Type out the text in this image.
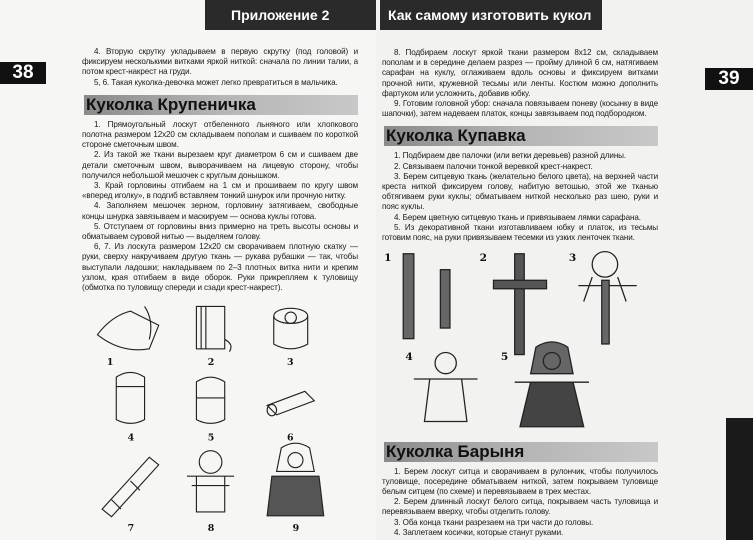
Приложение 2
38

4. Вторую скрутку укладываем в первую скрутку (под головой) и фиксируем несколькими витками яркой ниткой: сначала по линии талии, а потом крест-накрест на груди.

5, 6. Такая куколка-девочка может легко превратиться в мальчика.

Куколка Крупеничка

1. Прямоугольный лоскут отбеленного льняного или хлопкового полотна размером 12x20 см складываем пополам и сшиваем по короткой стороне сметочным швом.

2. Из такой же ткани вырезаем круг диаметром 6 см и сшиваем две детали сметочным швом, выворачиваем на лицевую сторону, чтобы получился небольшой мешочек с круглым донышком.

3. Край горловины отгибаем на 1 см и прошиваем по кругу швом «вперед иголку», в подгиб вставляем тонкий шнурок или прочную нитку.

4. Заполняем мешочек зерном, горловину затягиваем, свободные концы шнурка завязываем и маскируем — основа куклы готова.

5. Отступаем от горловины вниз примерно на треть высоты основы и обматываем суровой нитью — выделяем голову.

6, 7. Из лоскута размером 12x20 см сворачиваем плотную скатку — руки, сверху накручиваем другую ткань — рукава рубашки — так, чтобы выступали ладошки; накладываем по 2–3 плотных витка нити и крепим узлом, края отгибаем в виде оборок. Руки прикрепляем к туловищу (обмотка по туловищу спереди и сзади крест-накрест).

1	2	3
4	5	6
7	8	9
Как самому изготовить кукол
39

8. Подбираем лоскут яркой ткани размером 8x12 см, складываем пополам и в середине делаем разрез — пройму длиной 6 см, натягиваем сарафан на куклу, оглаживаем вдоль основы и фиксируем витками прочной нити, кружевной тесьмы или ленты. Костюм можно дополнить фартуком или усложнить, добавив юбку.

9. Готовим головной убор: сначала повязываем поневу (косынку в виде шапочки), затем надеваем платок, концы завязываем под подбородком.

Куколка Купавка

1. Подбираем две палочки (или ветки деревьев) разной длины.

2. Связываем палочки тонкой веревкой крест-накрест.

3. Берем ситцевую ткань (желательно белого цвета), на верхней части креста ниткой фиксируем голову, набитую ветошью, этой же тканью обтягиваем руки куклы; обматываем ниткой несколько раз шею, руки и пояс куклы.

4. Берем цветную ситцевую ткань и привязываем лямки сарафана.

5. Из декоративной ткани изготавливаем юбку и платок, из тесьмы готовим пояс, на руки привязываем тесемки из узких ленточек ткани.

1	2	3
4	5
Куколка Барыня

1. Берем лоскут ситца и сворачиваем в рулончик, чтобы получилось туловище, посередине обматываем ниткой, затем покрываем туловище белым ситцем (по схеме) и перевязываем в трех местах.

2. Берем длинный лоскут белого ситца, покрываем часть туловища и перевязываем вверху, чтобы отделить голову.

3. Оба конца ткани разрезаем на три части до головы.

4. Заплетаем косички, которые станут руками.
